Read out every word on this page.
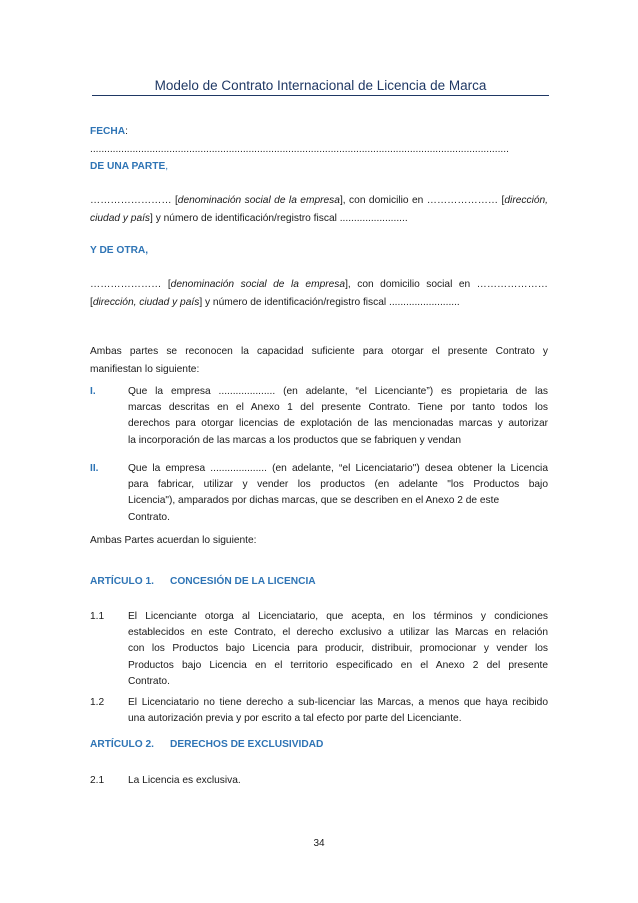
Modelo de Contrato Internacional de Licencia de Marca
FECHA: ....................................................................................................................................................
DE UNA PARTE,
…………………… [denominación social de la empresa], con domicilio en ………………… [dirección,
ciudad y país] y número de identificación/registro fiscal ........................
Y DE OTRA,
………………… [denominación social de la empresa], con domicilio social en …………………
[dirección, ciudad y país] y número de identificación/registro fiscal .........................
Ambas partes se reconocen la capacidad suficiente para otorgar el presente Contrato y
manifiestan lo siguiente:
I.	Que la empresa .................... (en adelante, “el Licenciante”) es propietaria de las
marcas descritas en el Anexo 1 del presente Contrato. Tiene por tanto todos los
derechos para otorgar licencias de explotación de las mencionadas marcas y autorizar
la incorporación de las marcas a los productos que se fabriquen y vendan
II.	Que la empresa .................... (en adelante, “el Licenciatario") desea obtener la Licencia
para fabricar, utilizar y vender los productos (en adelante "los Productos bajo
Licencia"), amparados por dichas marcas, que se describen en el Anexo 2 de este
Contrato.
Ambas Partes acuerdan lo siguiente:
ARTÍCULO 1. CONCESIÓN DE LA LICENCIA
1.1	El Licenciante otorga al Licenciatario, que acepta, en los términos y condiciones
establecidos en este Contrato, el derecho exclusivo a utilizar las Marcas en relación
con los Productos bajo Licencia para producir, distribuir, promocionar y vender los
Productos bajo Licencia en el territorio especificado en el Anexo 2 del presente
Contrato.
1.2	El Licenciatario no tiene derecho a sub-licenciar las Marcas, a menos que haya recibido
una autorización previa y por escrito a tal efecto por parte del Licenciante.
ARTÍCULO 2. DERECHOS DE EXCLUSIVIDAD
2.1	La Licencia es exclusiva.
34
